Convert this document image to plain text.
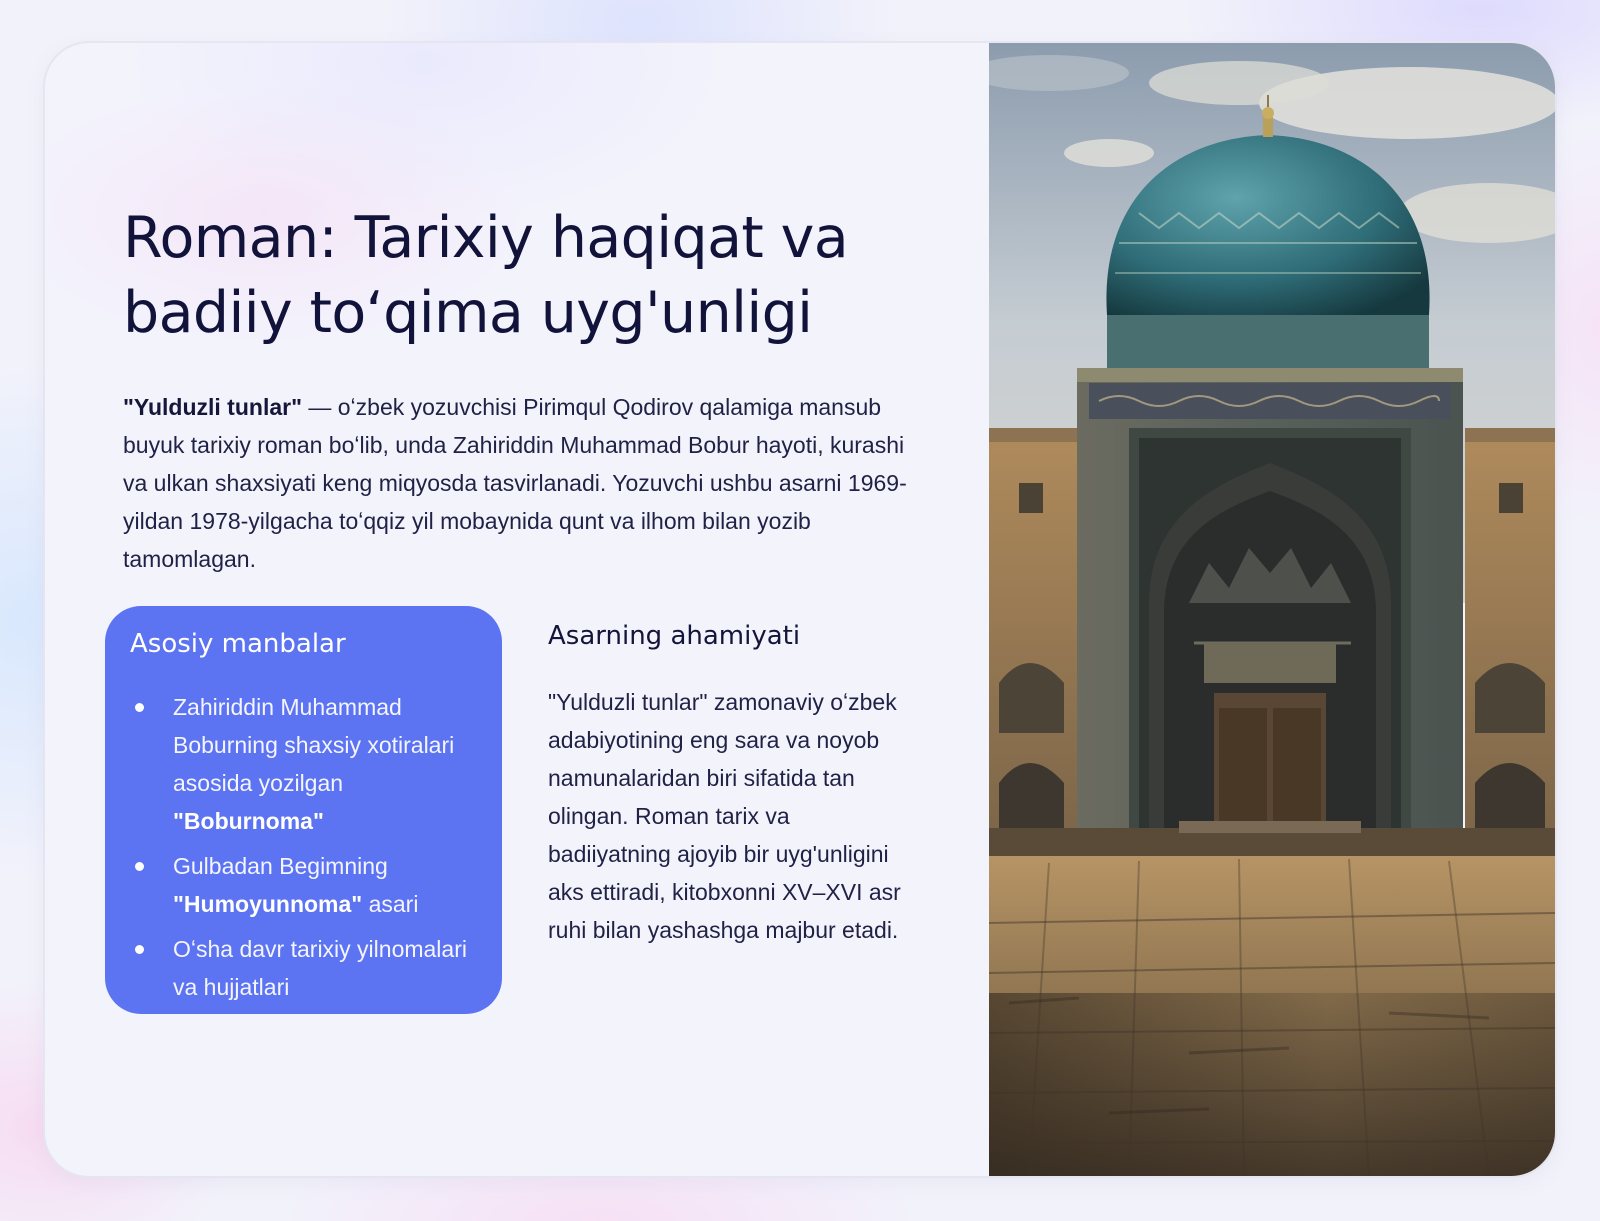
Roman: Tarixiy haqiqat va badiiy toʻqima uyg'unligi

"Yulduzli tunlar" — oʻzbek yozuvchisi Pirimqul Qodirov qalamiga mansub buyuk tarixiy roman boʻlib, unda Zahiriddin Muhammad Bobur hayoti, kurashi va ulkan shaxsiyati keng miqyosda tasvirlanadi. Yozuvchi ushbu asarni 1969-yildan 1978-yilgacha toʻqqiz yil mobaynida qunt va ilhom bilan yozib tamomlagan.

Asosiy manbalar
Zahiriddin Muhammad Boburning shaxsiy xotiralari asosida yozilgan "Boburnoma"
Gulbadan Begimning "Humoyunnoma" asari
Oʻsha davr tarixiy yilnomalari va hujjatlari
Asarning ahamiyati

"Yulduzli tunlar" zamonaviy oʻzbek adabiyotining eng sara va noyob namunalaridan biri sifatida tan olingan. Roman tarix va badiiyatning ajoyib bir uyg'unligini aks ettiradi, kitobxonni XV–XVI asr ruhi bilan yashashga majbur etadi.
